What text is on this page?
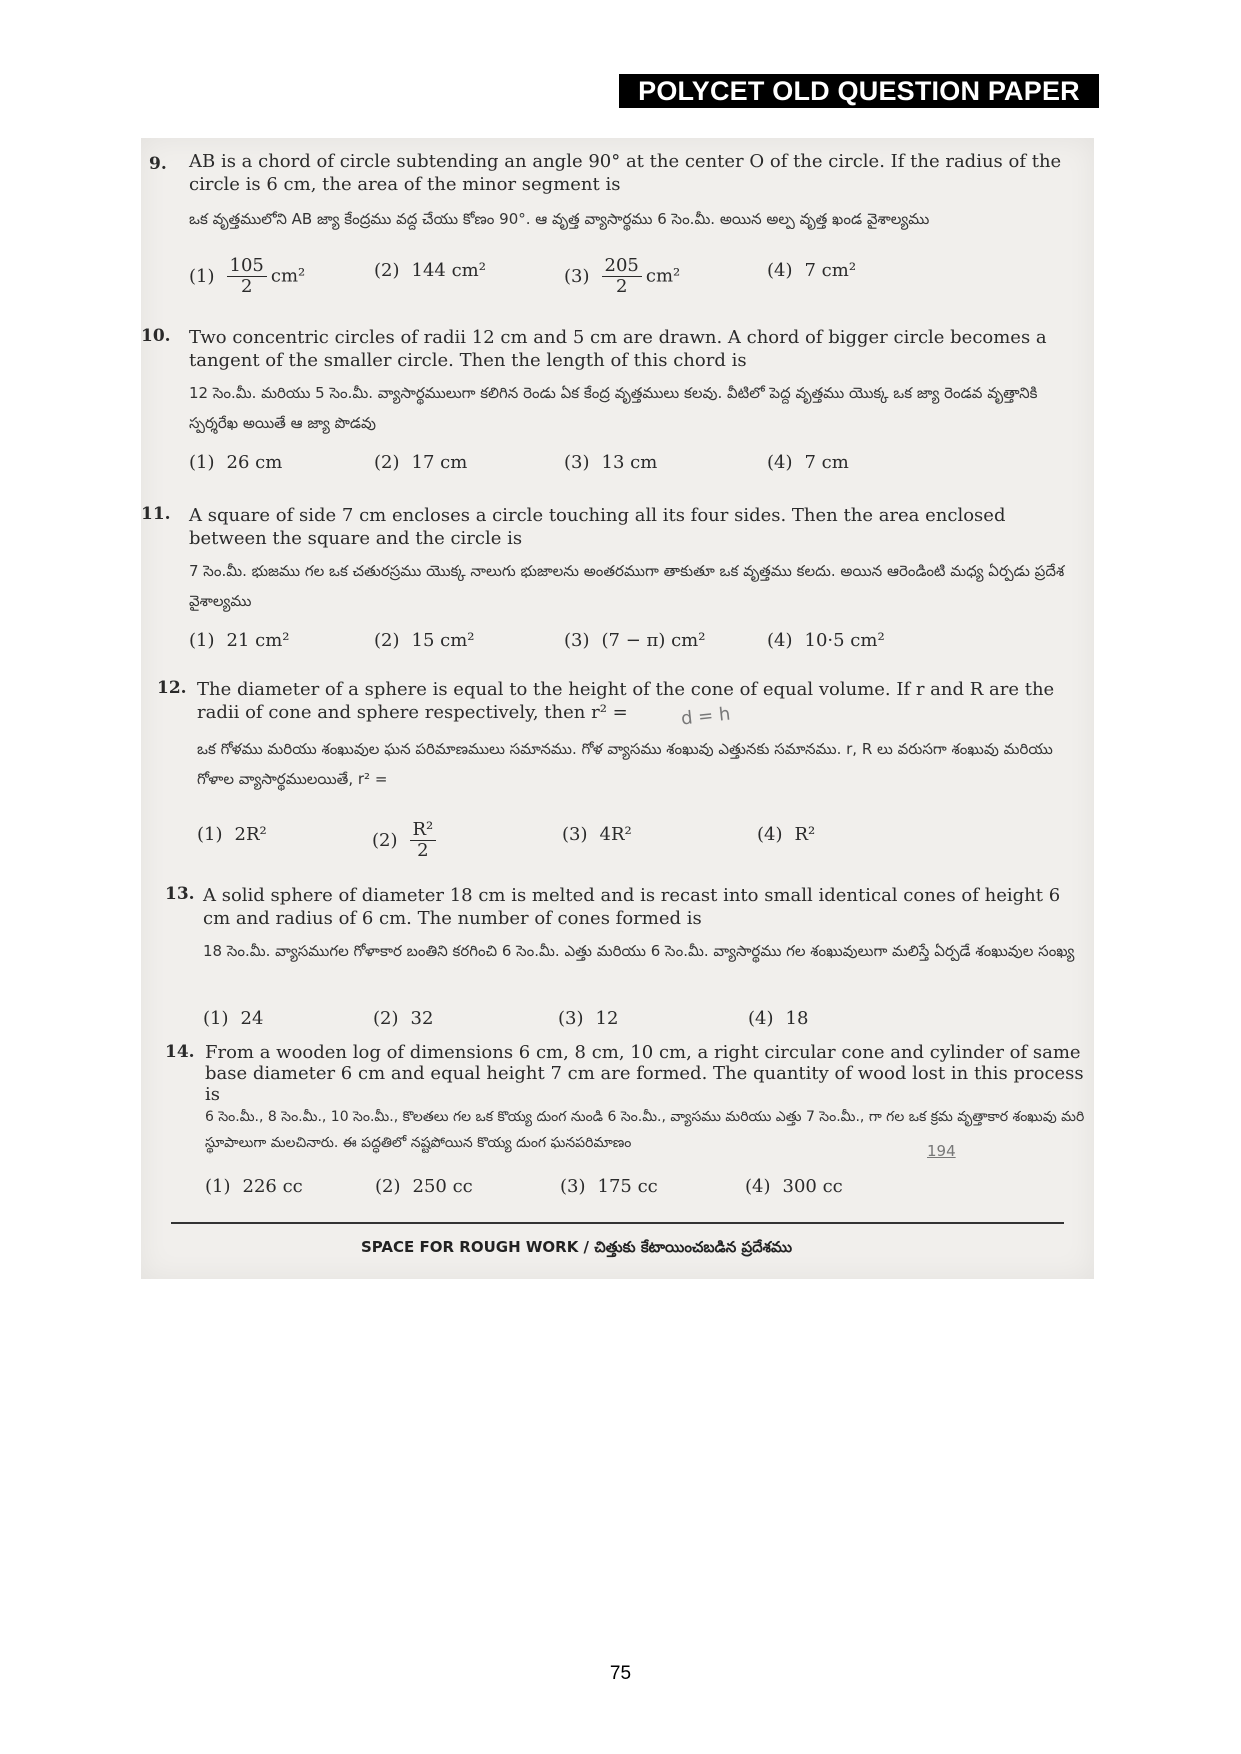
POLYCET OLD QUESTION PAPER
9. AB is a chord of circle subtending an angle 90° at the center O of the circle. If the radius of the circle is 6 cm, the area of the minor segment is
ఒక వృత్తములోని AB జ్యా కేంద్రము వద్ద చేయు కోణం 90°. ఆ వృత్త వ్యాసార్థము 6 సెం.మీ. అయిన అల్ప వృత్త ఖండ వైశాల్యము
$(1) \frac{105}{2} cm^2$	(2) 144 cm²	$(3) \frac{205}{2} cm^2$	(4) 7 cm²
10. Two concentric circles of radii 12 cm and 5 cm are drawn. A chord of bigger circle becomes a tangent of the smaller circle. Then the length of this chord is
12 సెం.మీ. మరియు 5 సెం.మీ. వ్యాసార్థములుగా కలిగిన రెండు ఏక కేంద్ర వృత్తములు కలవు. వీటిలో పెద్ద వృత్తము యొక్క ఒక జ్యా రెండవ వృత్తానికి స్పర్శరేఖ అయితే ఆ జ్యా పొడవు
(1) 26 cm	(2) 17 cm	(3) 13 cm	(4) 7 cm
11. A square of side 7 cm encloses a circle touching all its four sides. Then the area enclosed between the square and the circle is
7 సెం.మీ. భుజము గల ఒక చతురస్రము యొక్క నాలుగు భుజాలను అంతరముగా తాకుతూ ఒక వృత్తము కలదు. అయిన ఆరెండింటి మధ్య ఏర్పడు ప్రదేశ వైశాల్యము
(1) 21 cm²	(2) 15 cm²	(3) (7 − π) cm²	(4) 10·5 cm²
12. The diameter of a sphere is equal to the height of the cone of equal volume. If r and R are the radii of cone and sphere respectively, then r² =	d = h
ఒక గోళము మరియు శంఖువుల ఘన పరిమాణములు సమానము. గోళ వ్యాసము శంఖువు ఎత్తునకు సమానము. r, R లు వరుసగా శంఖువు మరియు గోళాల వ్యాసార్థములయితే, r² =
(1) 2R²	$(2) \frac{\text{R²}}{2}$	(3) 4R²	(4) R²
13. A solid sphere of diameter 18 cm is melted and is recast into small identical cones of height 6 cm and radius of 6 cm. The number of cones formed is
18 సెం.మీ. వ్యాసముగల గోళాకార బంతిని కరగించి 6 సెం.మీ. ఎత్తు మరియు 6 సెం.మీ. వ్యాసార్థము గల శంఖువులుగా మలిస్తే ఏర్పడే శంఖువుల సంఖ్య
(1) 24	(2) 32	(3) 12	(4) 18
14. From a wooden log of dimensions 6 cm, 8 cm, 10 cm, a right circular cone and cylinder of same base diameter 6 cm and equal height 7 cm are formed. The quantity of wood lost in this process is
6 సెం.మీ., 8 సెం.మీ., 10 సెం.మీ., కొలతలు గల ఒక కొయ్య దుంగ నుండి 6 సెం.మీ., వ్యాసము మరియు ఎత్తు 7 సెం.మీ., గా గల ఒక క్రమ వృత్తాకార శంఖువు మరి స్థూపాలుగా మలచినారు. ఈ పద్ధతిలో నష్టపోయిన కొయ్య దుంగ ఘనపరిమాణం	194
(1) 226 cc	(2) 250 cc	(3) 175 cc	(4) 300 cc
SPACE FOR ROUGH WORK / చిత్తుకు కేటాయించబడిన ప్రదేశము
75
